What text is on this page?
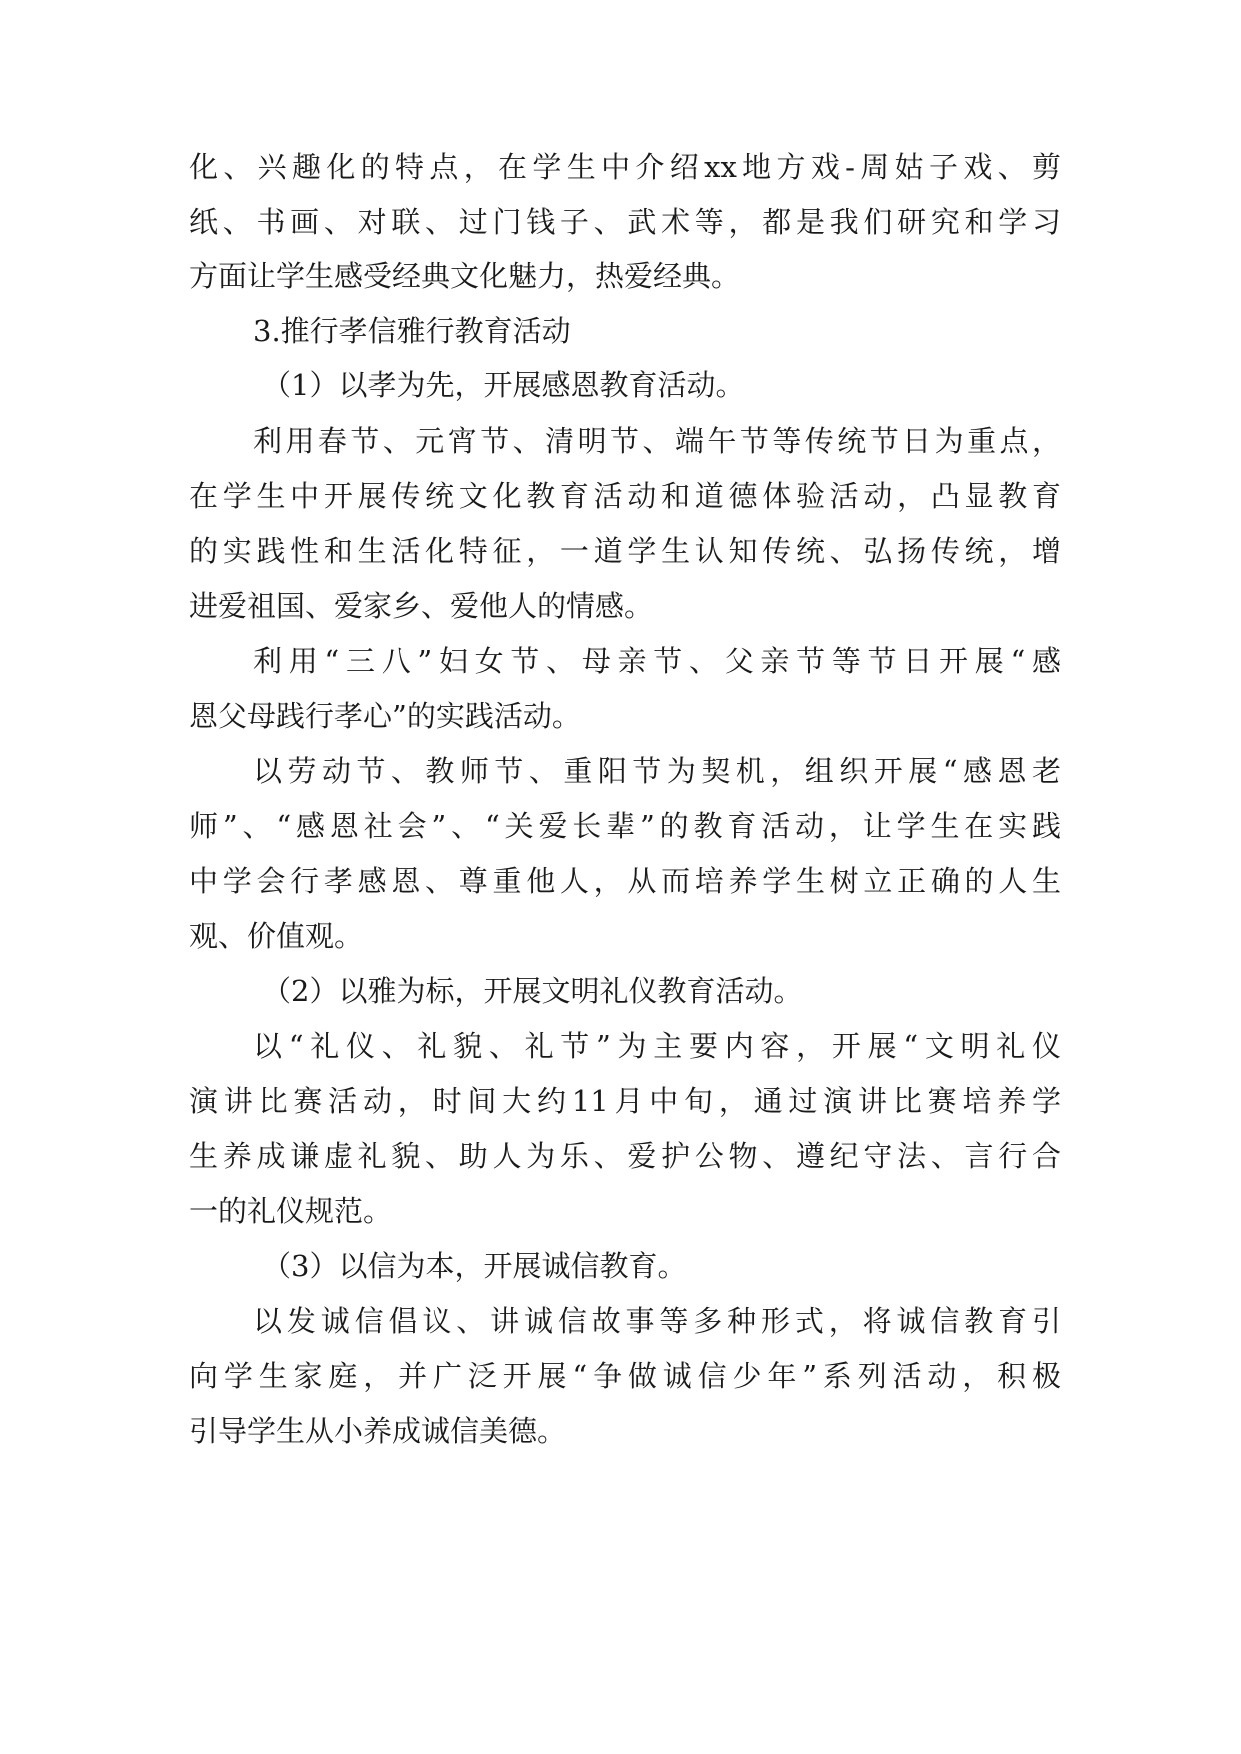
化、兴趣化的特点，在学生中介绍xx地方戏-周姑子戏、剪
纸、书画、对联、过门钱子、武术等，都是我们研究和学习
方面让学生感受经典文化魅力，热爱经典。
3.推行孝信雅行教育活动
（1）以孝为先，开展感恩教育活动。
利用春节、元宵节、清明节、端午节等传统节日为重点，
在学生中开展传统文化教育活动和道德体验活动，凸显教育
的实践性和生活化特征，一道学生认知传统、弘扬传统，增
进爱祖国、爱家乡、爱他人的情感。
利用“三八”妇女节、母亲节、父亲节等节日开展“感
恩父母践行孝心”的实践活动。
以劳动节、教师节、重阳节为契机，组织开展“感恩老
师”、“感恩社会”、“关爱长辈”的教育活动，让学生在实践
中学会行孝感恩、尊重他人，从而培养学生树立正确的人生
观、价值观。
（2）以雅为标，开展文明礼仪教育活动。
以“礼仪、礼貌、礼节”为主要内容，开展“文明礼仪
演讲比赛活动，时间大约11月中旬，通过演讲比赛培养学
生养成谦虚礼貌、助人为乐、爱护公物、遵纪守法、言行合
一的礼仪规范。
（3）以信为本，开展诚信教育。
以发诚信倡议、讲诚信故事等多种形式，将诚信教育引
向学生家庭，并广泛开展“争做诚信少年”系列活动，积极
引导学生从小养成诚信美德。
